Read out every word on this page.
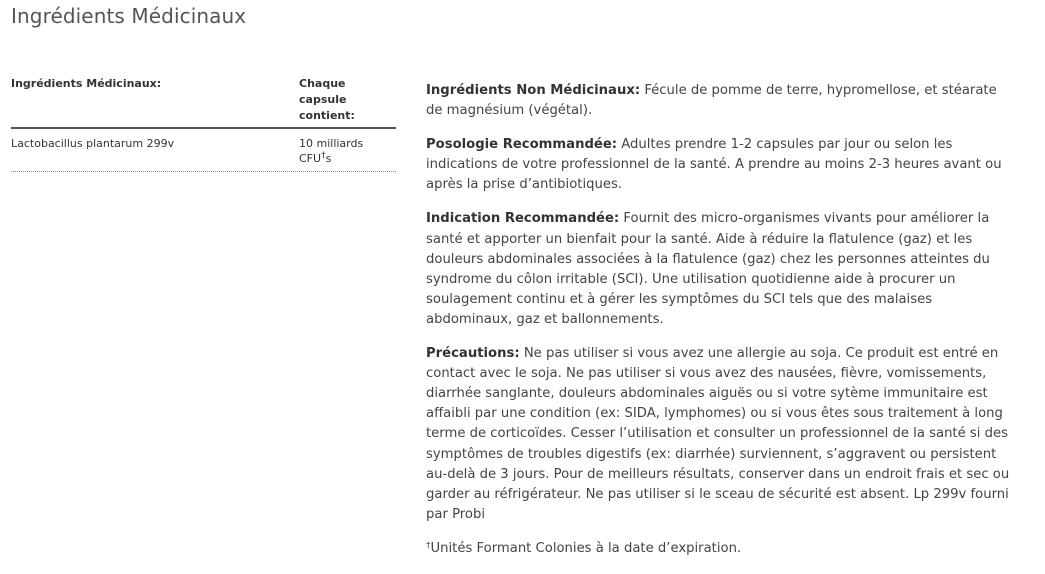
Ingrédients Médicinaux
Ingrédients Médicinaux:	Chaque capsule contient:
Lactobacillus plantarum 299v	10 milliards
CFU†s

Ingrédients Non Médicinaux: Fécule de pomme de terre, hypromellose, et stéarate de magnésium (végétal).

Posologie Recommandée: Adultes prendre 1-2 capsules par jour ou selon les indications de votre professionnel de la santé. A prendre au moins 2-3 heures avant ou après la prise d’antibiotiques.

Indication Recommandée: Fournit des micro-organismes vivants pour améliorer la santé et apporter un bienfait pour la santé. Aide à réduire la flatulence (gaz) et les douleurs abdominales associées à la flatulence (gaz) chez les personnes atteintes du syndrome du côlon irritable (SCI). Une utilisation quotidienne aide à procurer un soulagement continu et à gérer les symptômes du SCI tels que des malaises abdominaux, gaz et ballonnements.

Précautions: Ne pas utiliser si vous avez une allergie au soja. Ce produit est entré en contact avec le soja. Ne pas utiliser si vous avez des nausées, fièvre, vomissements, diarrhée sanglante, douleurs abdominales aiguës ou si votre sytème immunitaire est affaibli par une condition (ex: SIDA, lymphomes) ou si vous êtes sous traitement à long terme de corticoïdes. Cesser l’utilisation et consulter un professionnel de la santé si des symptômes de troubles digestifs (ex: diarrhée) surviennent, s’aggravent ou persistent au-delà de 3 jours. Pour de meilleurs résultats, conserver dans un endroit frais et sec ou garder au réfrigérateur. Ne pas utiliser si le sceau de sécurité est absent. Lp 299v fourni par Probi

†Unités Formant Colonies à la date d’expiration.
